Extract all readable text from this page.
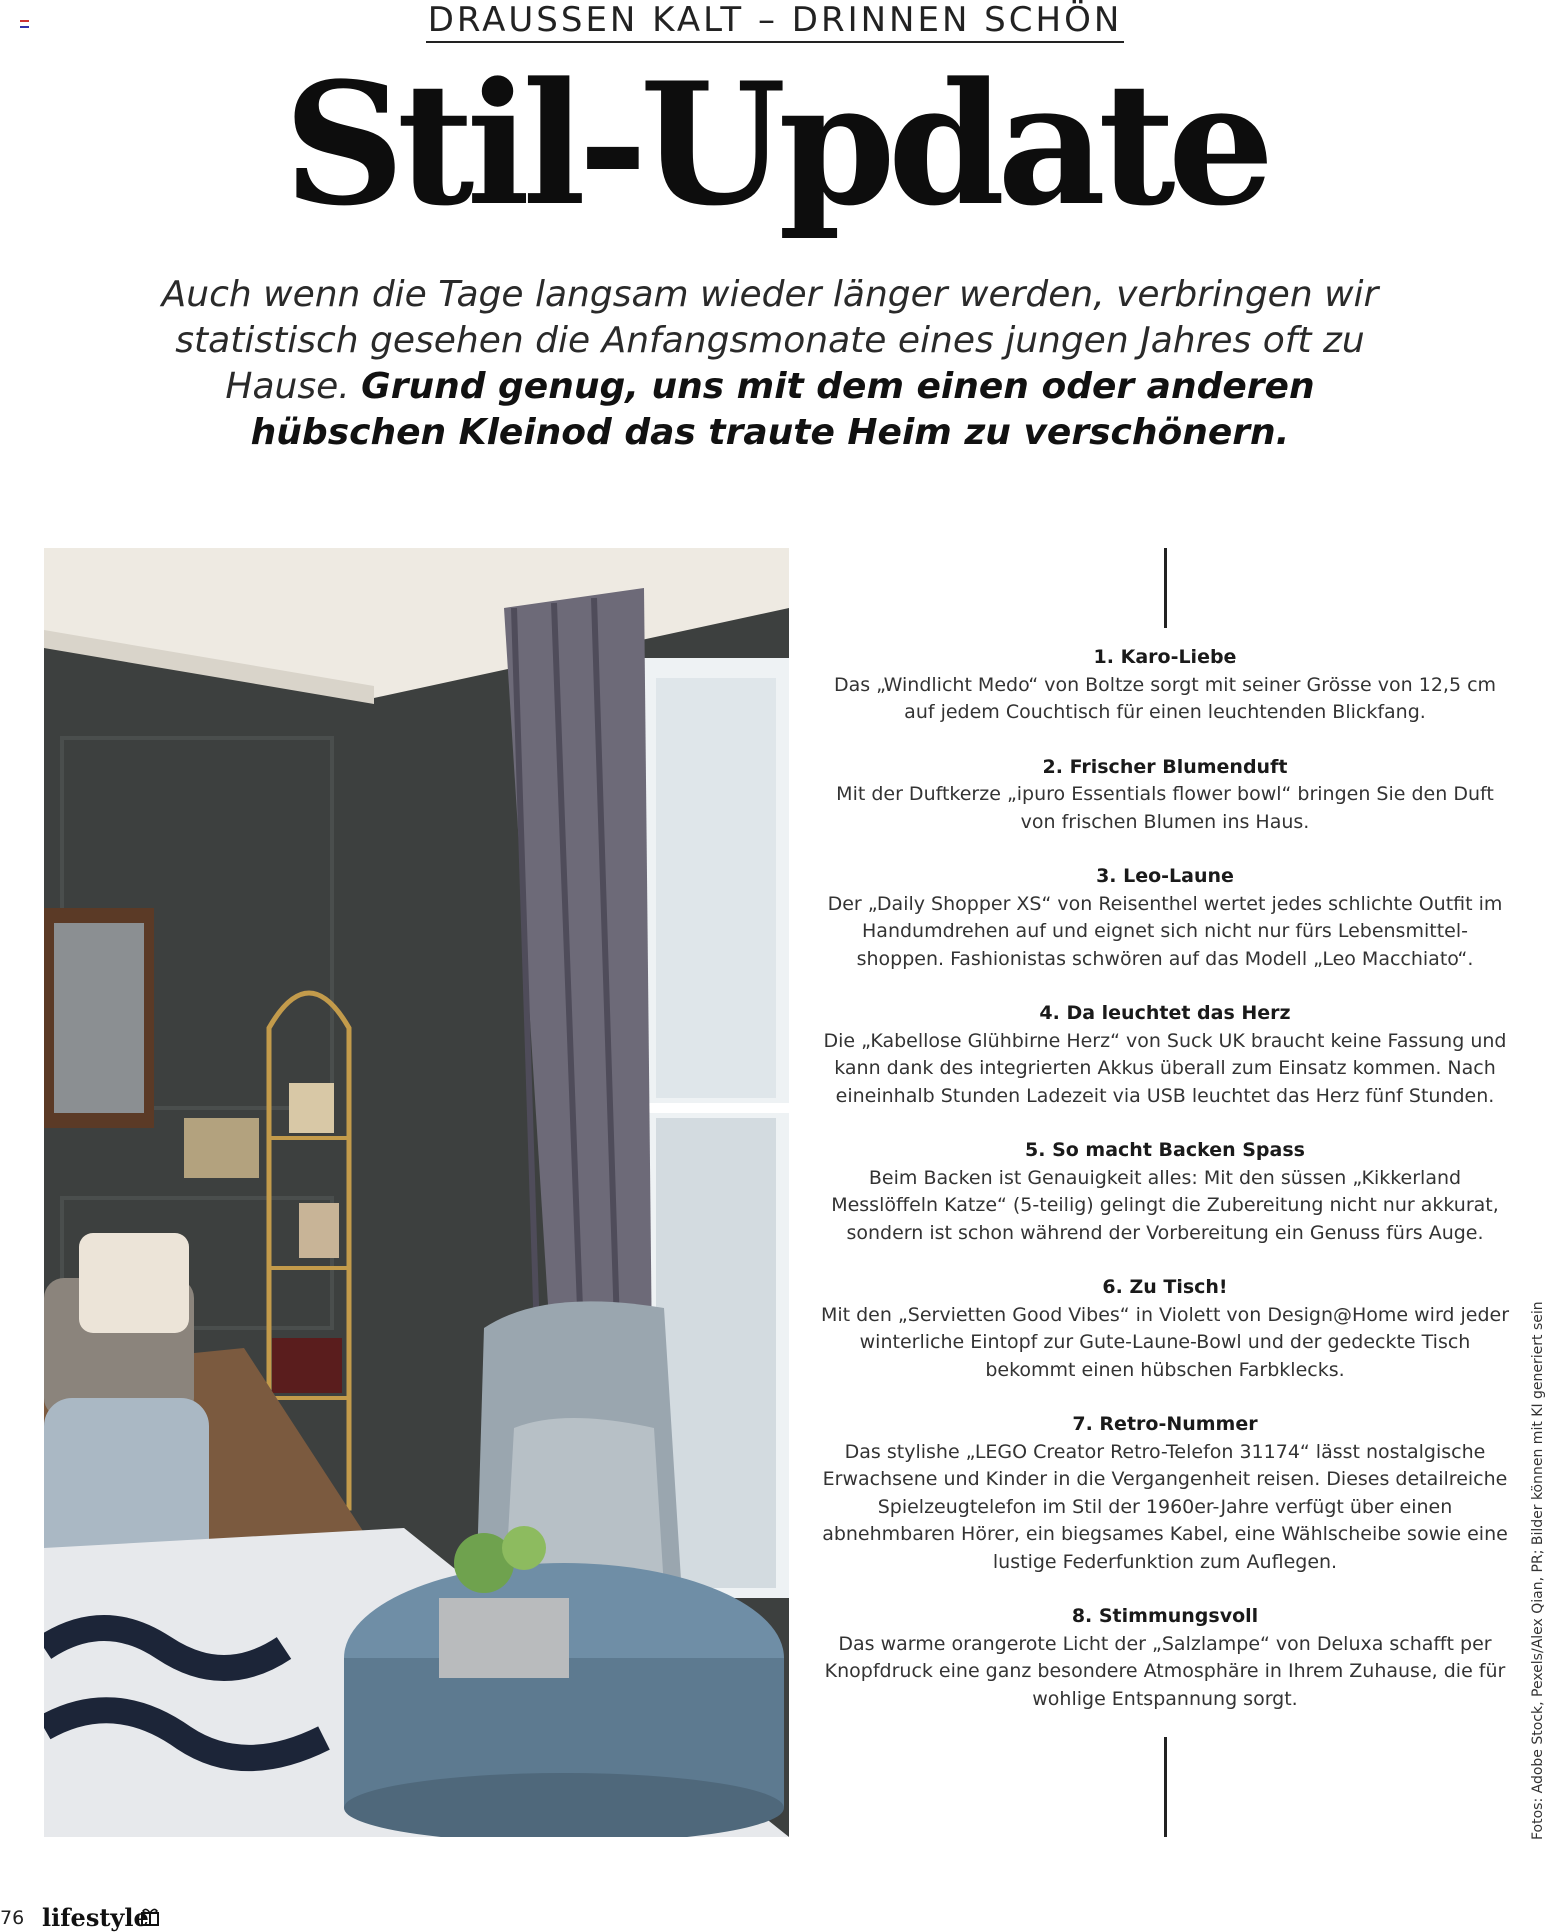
DRAUSSEN KALT – DRINNEN SCHÖN
Stil-Update
Auch wenn die Tage langsam wieder länger werden, verbringen wir statistisch gesehen die Anfangsmonate eines jungen Jahres oft zu Hause. Grund genug, uns mit dem einen oder anderen hübschen Kleinod das traute Heim zu verschönern.
1. Karo-Liebe

Das „Windlicht Medo“ von Boltze sorgt mit seiner Grösse von 12,5 cm auf jedem Couchtisch für einen leuchtenden Blickfang.

2. Frischer Blumenduft

Mit der Duftkerze „ipuro Essentials flower bowl“ bringen Sie den Duft von frischen Blumen ins Haus.

3. Leo-Laune

Der „Daily Shopper XS“ von Reisenthel wertet jedes schlichte Outfit im Handumdrehen auf und eignet sich nicht nur fürs Lebensmittel-shoppen. Fashionistas schwören auf das Modell „Leo Macchiato“.

4. Da leuchtet das Herz

Die „Kabellose Glühbirne Herz“ von Suck UK braucht keine Fassung und kann dank des integrierten Akkus überall zum Einsatz kommen. Nach eineinhalb Stunden Ladezeit via USB leuchtet das Herz fünf Stunden.

5. So macht Backen Spass

Beim Backen ist Genauigkeit alles: Mit den süssen „Kikkerland Messlöffeln Katze“ (5-teilig) gelingt die Zubereitung nicht nur akkurat, sondern ist schon während der Vorbereitung ein Genuss fürs Auge.

6. Zu Tisch!

Mit den „Servietten Good Vibes“ in Violett von Design@Home wird jeder winterliche Eintopf zur Gute-Laune-Bowl und der gedeckte Tisch bekommt einen hübschen Farbklecks.

7. Retro-Nummer

Das stylishe „LEGO Creator Retro-Telefon 31174“ lässt nostalgische Erwachsene und Kinder in die Vergangenheit reisen. Dieses detailreiche Spielzeugtelefon im Stil der 1960er-Jahre verfügt über einen abnehmbaren Hörer, ein biegsames Kabel, eine Wählscheibe sowie eine lustige Federfunktion zum Auflegen.

8. Stimmungsvoll

Das warme orangerote Licht der „Salzlampe“ von Deluxa schafft per Knopfdruck eine ganz besondere Atmosphäre in Ihrem Zuhause, die für wohlige Entspannung sorgt.	Fotos: Adobe Stock, Pexels/Alex Qian, PR; Bilder können mit KI generiert sein
76 lifestyle
